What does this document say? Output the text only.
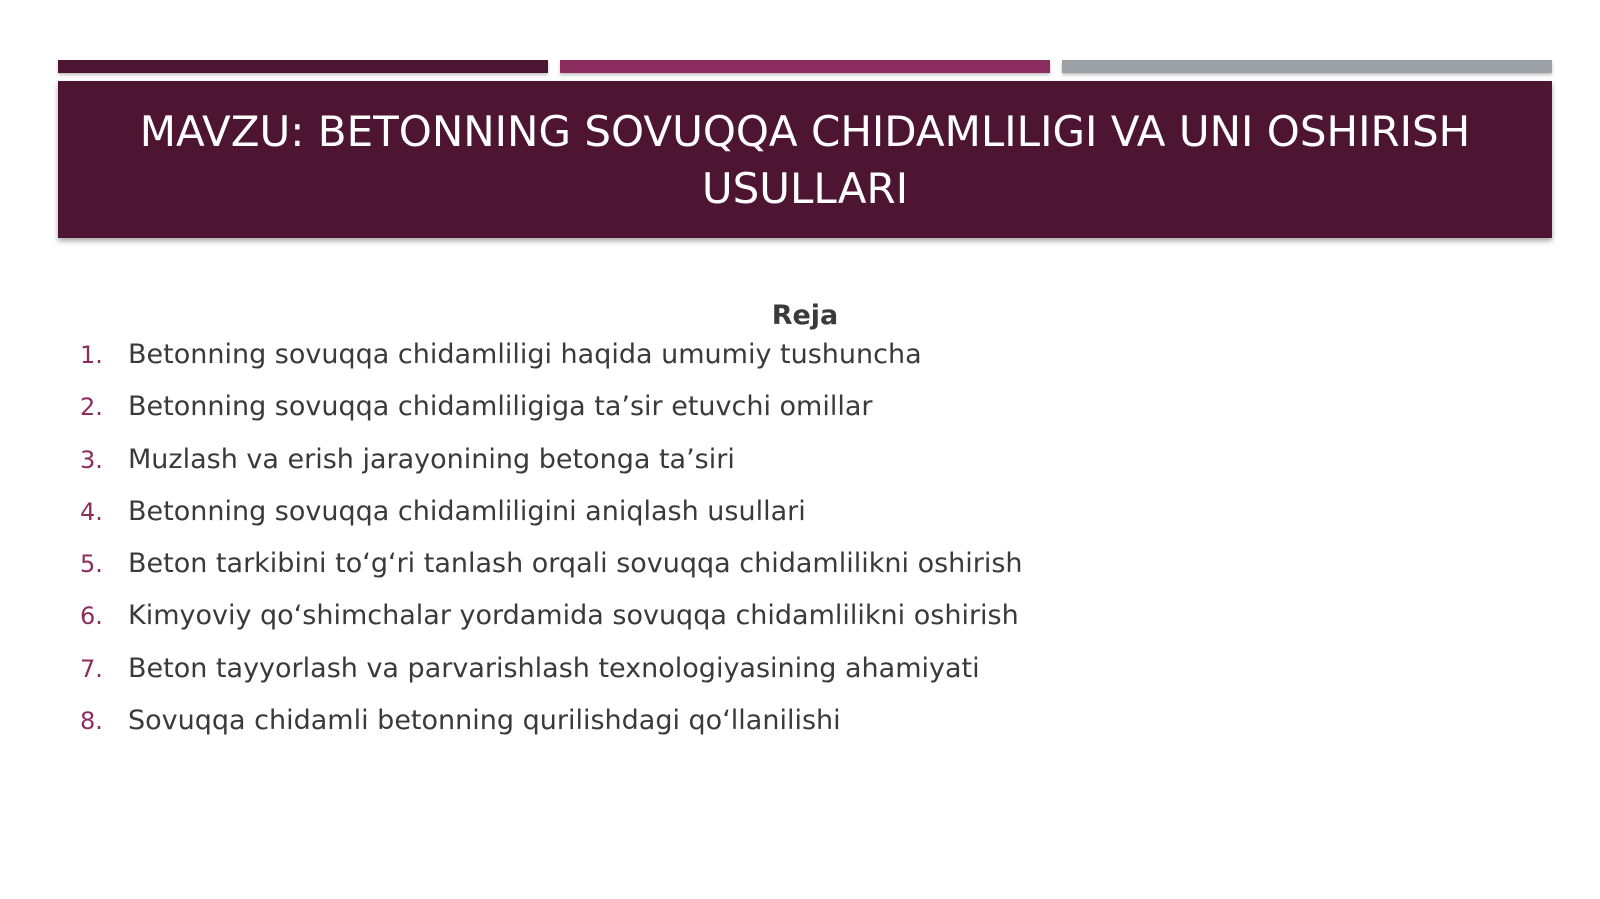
MAVZU: BETONNING SOVUQQA CHIDAMLILIGI VA UNI OSHIRISH USULLARI
Reja
1. Betonning sovuqqa chidamliligi haqida umumiy tushuncha
2. Betonning sovuqqa chidamliligiga ta’sir etuvchi omillar
3. Muzlash va erish jarayonining betonga ta’siri
4. Betonning sovuqqa chidamliligini aniqlash usullari
5. Beton tarkibini to‘g‘ri tanlash orqali sovuqqa chidamlilikni oshirish
6. Kimyoviy qo‘shimchalar yordamida sovuqqa chidamlilikni oshirish
7. Beton tayyorlash va parvarishlash texnologiyasining ahamiyati
8. Sovuqqa chidamli betonning qurilishdagi qo‘llanilishi
